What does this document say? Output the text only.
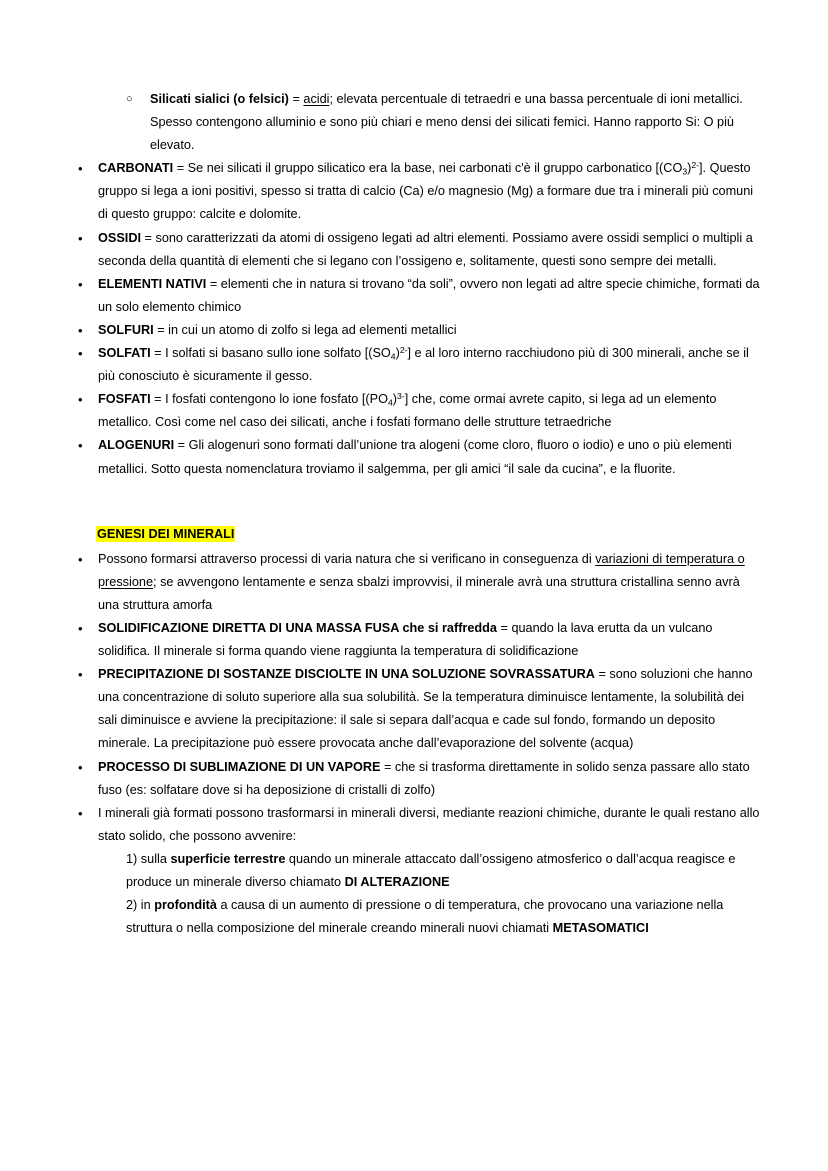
○ Silicati sialici (o felsici) = acidi; elevata percentuale di tetraedri e una bassa percentuale di ioni metallici. Spesso contengono alluminio e sono più chiari e meno densi dei silicati femici. Hanno rapporto Si: O più elevato.
• CARBONATI = Se nei silicati il gruppo silicatico era la base, nei carbonati c'è il gruppo carbonatico $[(CO_3)^{2-}]$. Questo gruppo si lega a ioni positivi, spesso si tratta di calcio (Ca) e/o magnesio (Mg) a formare due tra i minerali più comuni di questo gruppo: calcite e dolomite.
• OSSIDI = sono caratterizzati da atomi di ossigeno legati ad altri elementi. Possiamo avere ossidi semplici o multipli a seconda della quantità di elementi che si legano con l’ossigeno e, solitamente, questi sono sempre dei metalli.
• ELEMENTI NATIVI = elementi che in natura si trovano “da soli”, ovvero non legati ad altre specie chimiche, formati da un solo elemento chimico
• SOLFURI = in cui un atomo di zolfo si lega ad elementi metallici
• SOLFATI = I solfati si basano sullo ione solfato $[(SO_4)^{2-}]$ e al loro interno racchiudono più di 300 minerali, anche se il più conosciuto è sicuramente il gesso.
• FOSFATI = I fosfati contengono lo ione fosfato $[(PO_4)^{3-}]$ che, come ormai avrete capito, si lega ad un elemento metallico. Così come nel caso dei silicati, anche i fosfati formano delle strutture tetraedriche
• ALOGENURI = Gli alogenuri sono formati dall’unione tra alogeni (come cloro, fluoro o iodio) e uno o più elementi metallici. Sotto questa nomenclatura troviamo il salgemma, per gli amici “il sale da cucina”, e la fluorite.
GENESI DEI MINERALI
• Possono formarsi attraverso processi di varia natura che si verificano in conseguenza di variazioni di temperatura o pressione; se avvengono lentamente e senza sbalzi improvvisi, il minerale avrà una struttura cristallina senno avrà una struttura amorfa
• SOLIDIFICAZIONE DIRETTA DI UNA MASSA FUSA che si raffredda = quando la lava erutta da un vulcano solidifica. Il minerale si forma quando viene raggiunta la temperatura di solidificazione
• PRECIPITAZIONE DI SOSTANZE DISCIOLTE IN UNA SOLUZIONE SOVRASSATURA = sono soluzioni che hanno una concentrazione di soluto superiore alla sua solubilità. Se la temperatura diminuisce lentamente, la solubilità dei sali diminuisce e avviene la precipitazione: il sale si separa dall’acqua e cade sul fondo, formando un deposito minerale. La precipitazione può essere provocata anche dall’evaporazione del solvente (acqua)
• PROCESSO DI SUBLIMAZIONE DI UN VAPORE = che si trasforma direttamente in solido senza passare allo stato fuso (es: solfatare dove si ha deposizione di cristalli di zolfo)
• I minerali già formati possono trasformarsi in minerali diversi, mediante reazioni chimiche, durante le quali restano allo stato solido, che possono avvenire:
1) sulla superficie terrestre quando un minerale attaccato dall’ossigeno atmosferico o dall’acqua reagisce e produce un minerale diverso chiamato DI ALTERAZIONE
2) in profondità a causa di un aumento di pressione o di temperatura, che provocano una variazione nella struttura o nella composizione del minerale creando minerali nuovi chiamati METASOMATICI
